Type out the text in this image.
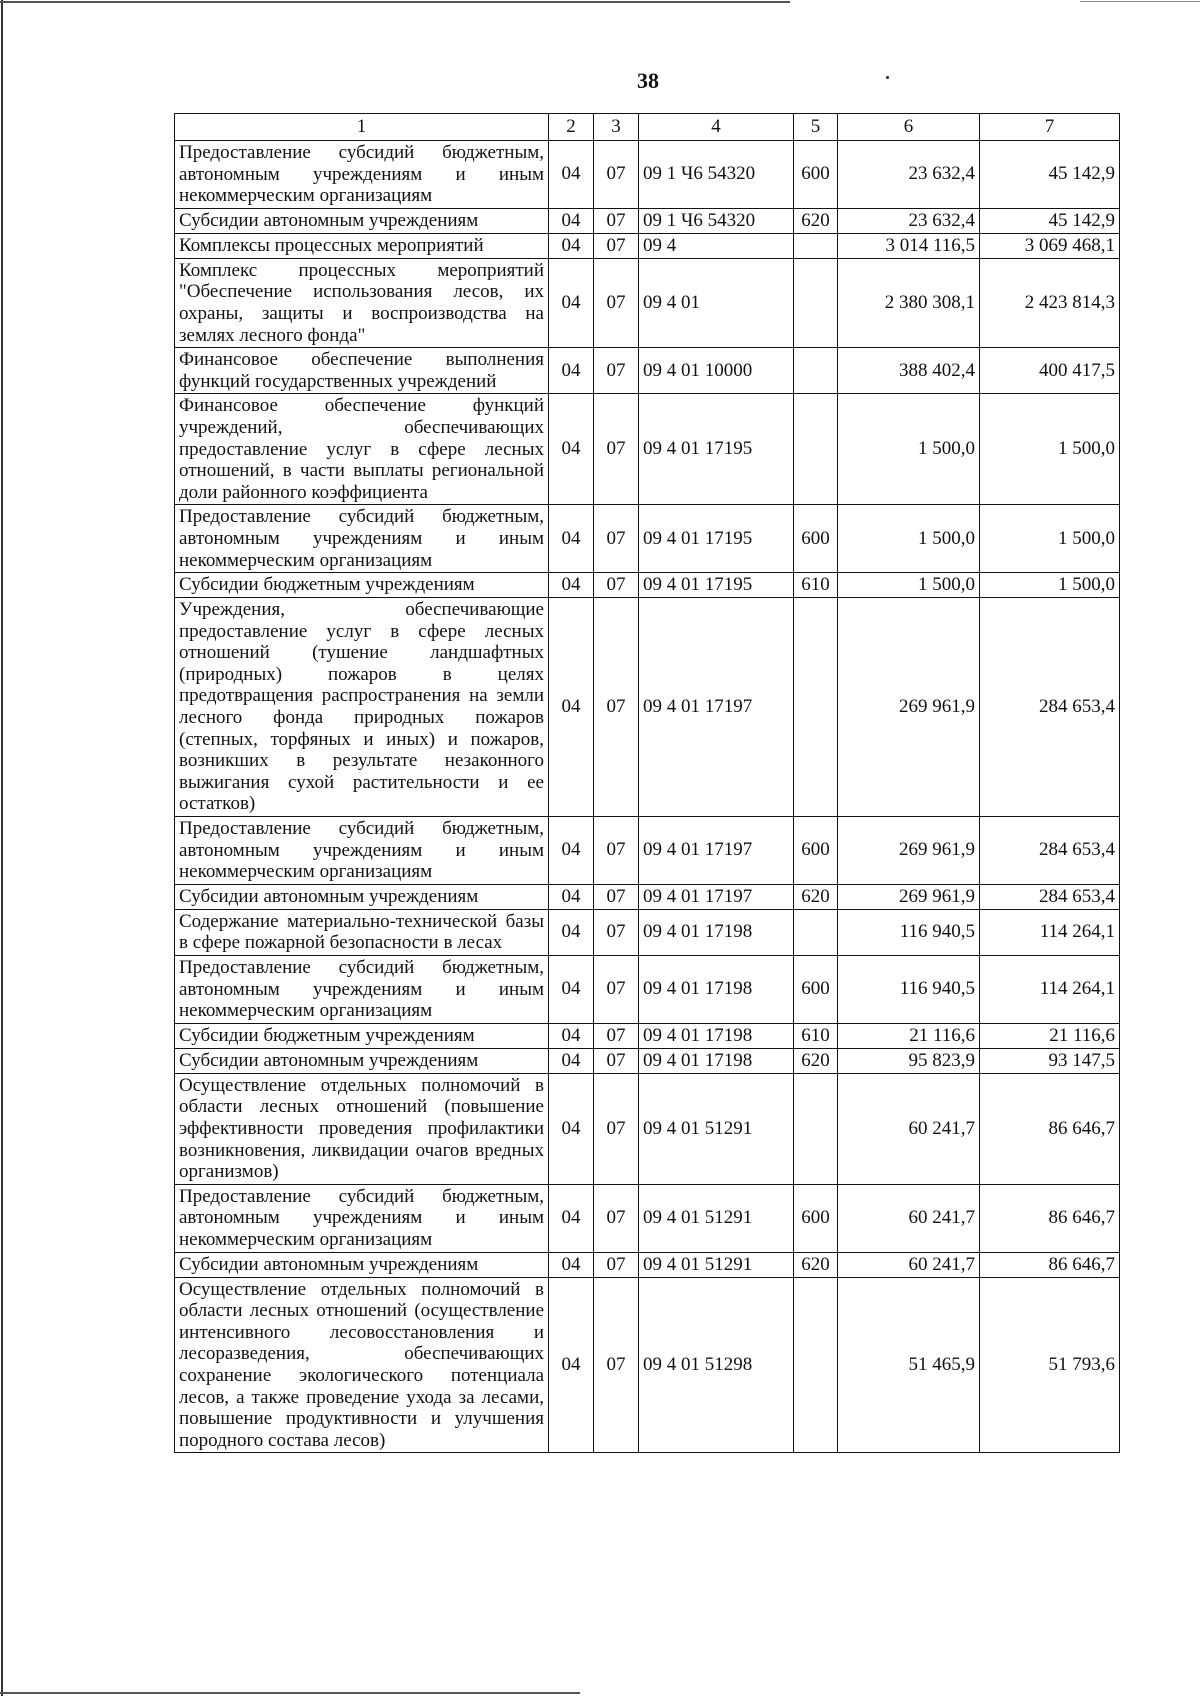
38
1	2	3	4	5	6	7
Предоставление субсидий бюджетным, автономным учреждениям и иным некоммерческим организациям	04	07	09 1 Ч6 54320	600	23 632,4	45 142,9
Субсидии автономным учреждениям	04	07	09 1 Ч6 54320	620	23 632,4	45 142,9
Комплексы процессных мероприятий	04	07	09 4		3 014 116,5	3 069 468,1
Комплекс процессных мероприятий "Обеспечение использования лесов, их охраны, защиты и воспроизводства на землях лесного фонда"	04	07	09 4 01		2 380 308,1	2 423 814,3
Финансовое обеспечение выполнения функций государственных учреждений	04	07	09 4 01 10000		388 402,4	400 417,5
Финансовое обеспечение функций учреждений, обеспечивающих предоставление услуг в сфере лесных отношений, в части выплаты региональной доли районного коэффициента	04	07	09 4 01 17195		1 500,0	1 500,0
Предоставление субсидий бюджетным, автономным учреждениям и иным некоммерческим организациям	04	07	09 4 01 17195	600	1 500,0	1 500,0
Субсидии бюджетным учреждениям	04	07	09 4 01 17195	610	1 500,0	1 500,0
Учреждения, обеспечивающие предоставление услуг в сфере лесных отношений (тушение ландшафтных (природных) пожаров в целях предотвращения распространения на земли лесного фонда природных пожаров (степных, торфяных и иных) и пожаров, возникших в результате незаконного выжигания сухой растительности и ее остатков)	04	07	09 4 01 17197		269 961,9	284 653,4
Предоставление субсидий бюджетным, автономным учреждениям и иным некоммерческим организациям	04	07	09 4 01 17197	600	269 961,9	284 653,4
Субсидии автономным учреждениям	04	07	09 4 01 17197	620	269 961,9	284 653,4
Содержание материально-технической базы в сфере пожарной безопасности в лесах	04	07	09 4 01 17198		116 940,5	114 264,1
Предоставление субсидий бюджетным, автономным учреждениям и иным некоммерческим организациям	04	07	09 4 01 17198	600	116 940,5	114 264,1
Субсидии бюджетным учреждениям	04	07	09 4 01 17198	610	21 116,6	21 116,6
Субсидии автономным учреждениям	04	07	09 4 01 17198	620	95 823,9	93 147,5
Осуществление отдельных полномочий в области лесных отношений (повышение эффективности проведения профилактики возникновения, ликвидации очагов вредных организмов)	04	07	09 4 01 51291		60 241,7	86 646,7
Предоставление субсидий бюджетным, автономным учреждениям и иным некоммерческим организациям	04	07	09 4 01 51291	600	60 241,7	86 646,7
Субсидии автономным учреждениям	04	07	09 4 01 51291	620	60 241,7	86 646,7
Осуществление отдельных полномочий в области лесных отношений (осуществление интенсивного лесовосстановления и лесоразведения, обеспечивающих сохранение экологического потенциала лесов, а также проведение ухода за лесами, повышение продуктивности и улучшения породного состава лесов)	04	07	09 4 01 51298		51 465,9	51 793,6
